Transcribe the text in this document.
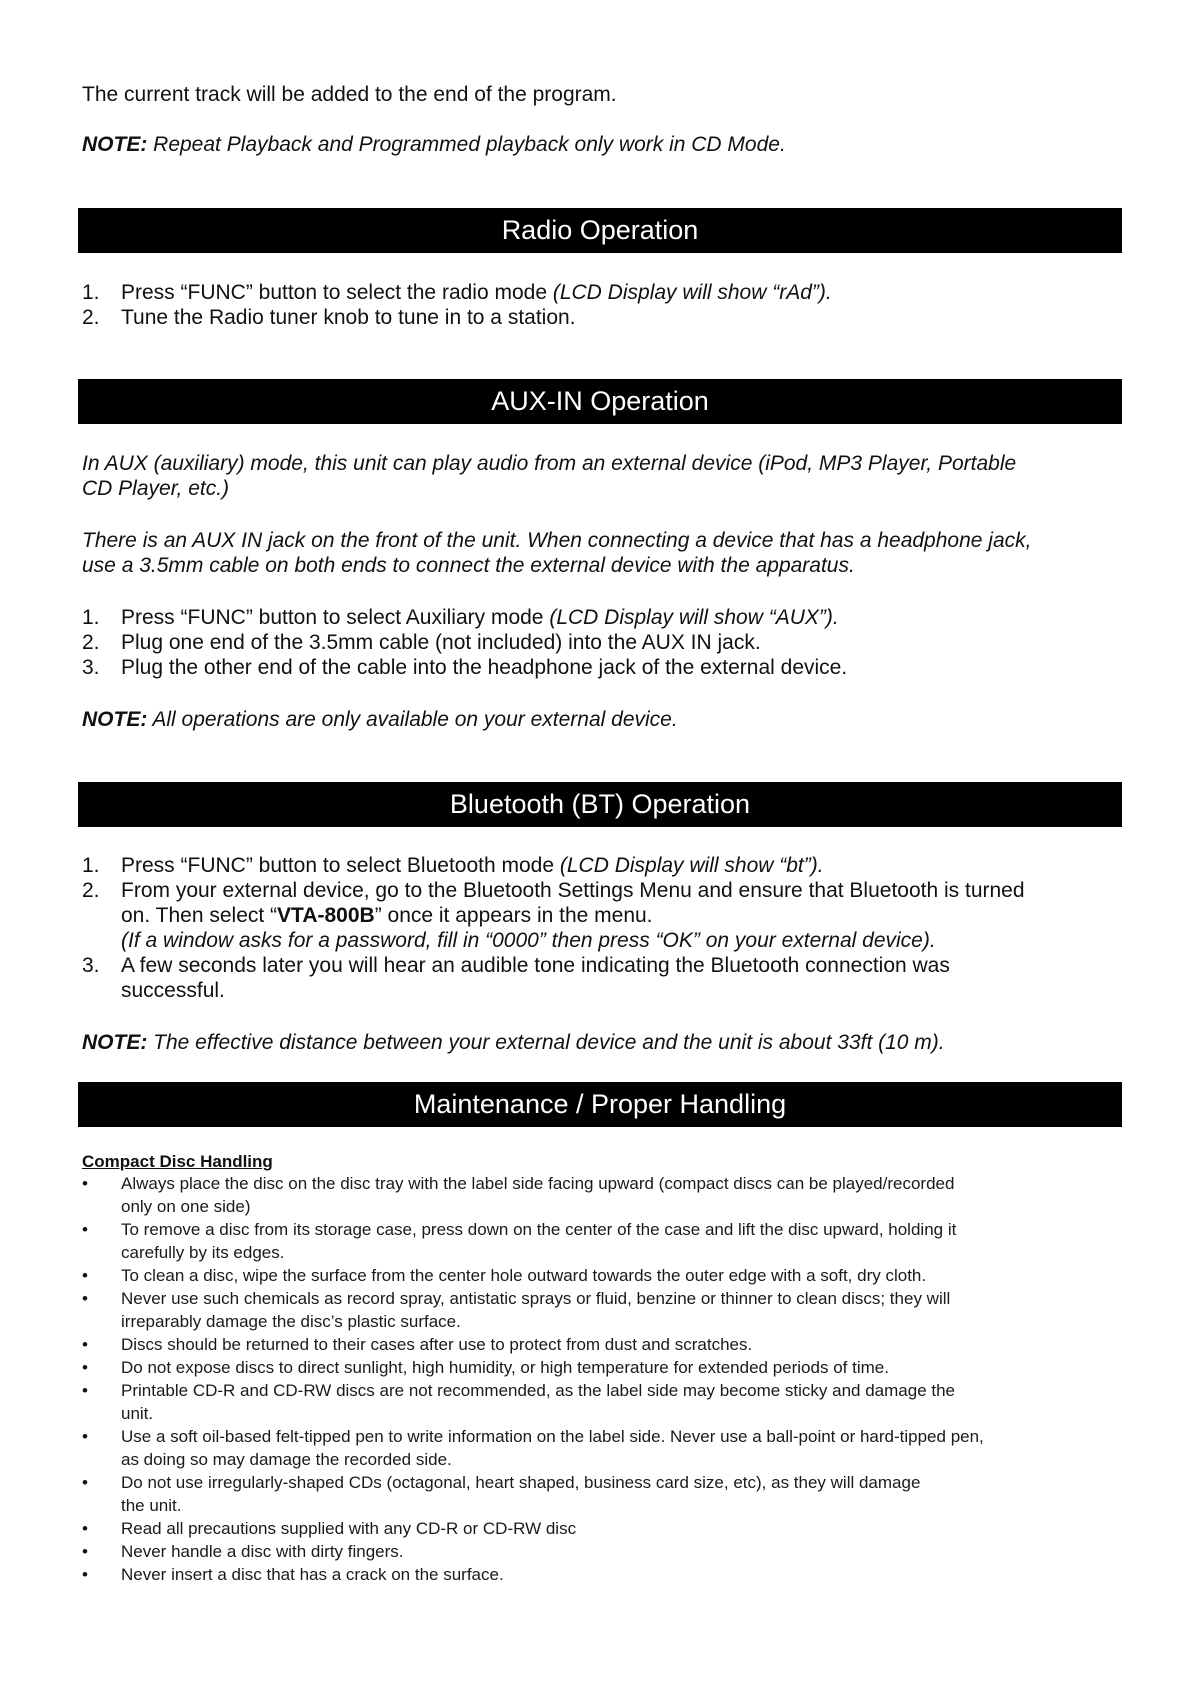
The current track will be added to the end of the program.

NOTE: Repeat Playback and Programmed playback only work in CD Mode.

Radio Operation
1. Press “FUNC” button to select the radio mode (LCD Display will show “rAd”).
2. Tune the Radio tuner knob to tune in to a station.
AUX-IN Operation

In AUX (auxiliary) mode, this unit can play audio from an external device (iPod, MP3 Player, Portable

CD Player, etc.)

There is an AUX IN jack on the front of the unit. When connecting a device that has a headphone jack,

use a 3.5mm cable on both ends to connect the external device with the apparatus.

1. Press “FUNC” button to select Auxiliary mode (LCD Display will show “AUX”).
2. Plug one end of the 3.5mm cable (not included) into the AUX IN jack.
3. Plug the other end of the cable into the headphone jack of the external device.

NOTE: All operations are only available on your external device.

Bluetooth (BT) Operation
1. Press “FUNC” button to select Bluetooth mode (LCD Display will show “bt”).
2. From your external device, go to the Bluetooth Settings Menu and ensure that Bluetooth is turned
on. Then select “VTA-800B” once it appears in the menu.
(If a window asks for a password, fill in “0000” then press “OK” on your external device).
3. A few seconds later you will hear an audible tone indicating the Bluetooth connection was
successful.

NOTE: The effective distance between your external device and the unit is about 33ft (10 m).

Maintenance / Proper Handling

Compact Disc Handling

• Always place the disc on the disc tray with the label side facing upward (compact discs can be played/recorded
only on one side)
• To remove a disc from its storage case, press down on the center of the case and lift the disc upward, holding it
carefully by its edges.
• To clean a disc, wipe the surface from the center hole outward towards the outer edge with a soft, dry cloth.
• Never use such chemicals as record spray, antistatic sprays or fluid, benzine or thinner to clean discs; they will
irreparably damage the disc’s plastic surface.
• Discs should be returned to their cases after use to protect from dust and scratches.
• Do not expose discs to direct sunlight, high humidity, or high temperature for extended periods of time.
• Printable CD-R and CD-RW discs are not recommended, as the label side may become sticky and damage the
unit.
• Use a soft oil-based felt-tipped pen to write information on the label side. Never use a ball-point or hard-tipped pen,
as doing so may damage the recorded side.
• Do not use irregularly-shaped CDs (octagonal, heart shaped, business card size, etc), as they will damage
the unit.
• Read all precautions supplied with any CD-R or CD-RW disc
• Never handle a disc with dirty fingers.
• Never insert a disc that has a crack on the surface.
